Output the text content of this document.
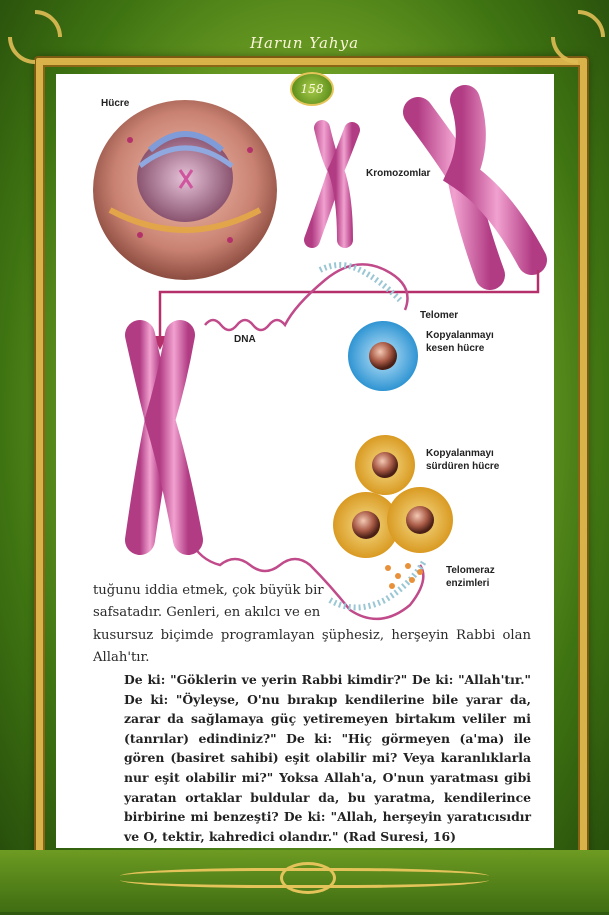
Harun Yahya
158
Hücre
Kromozomlar
Telomer
DNA	Kopyalanmayı
kesen hücre
Kopyalanmayı
sürdüren hücre
Telomeraz
enzimleri
tuğunu iddia etmek, çok büyük bir
safsatadır. Genleri, en akılcı ve en
kusursuz biçimde programlayan şüphesiz, herşeyin Rabbi olan
Allah'tır.
De ki: "Göklerin ve yerin Rabbi kimdir?" De ki: "Allah'tır." De ki: "Öyleyse, O'nu bırakıp kendilerine bile yarar da, zarar da sağlamaya güç yetiremeyen birtakım veliler mi (tanrılar) edindiniz?" De ki: "Hiç görmeyen (a'ma) ile gören (basiret sahibi) eşit olabilir mi? Veya karanlıklarla nur eşit olabilir mi?" Yoksa Allah'a, O'nun yaratması gibi yaratan ortaklar buldular da, bu yaratma, kendilerince birbirine mi benzeşti? De ki: "Allah, herşeyin yaratıcısıdır ve O, tektir, kahredici olandır." (Rad Suresi, 16)
